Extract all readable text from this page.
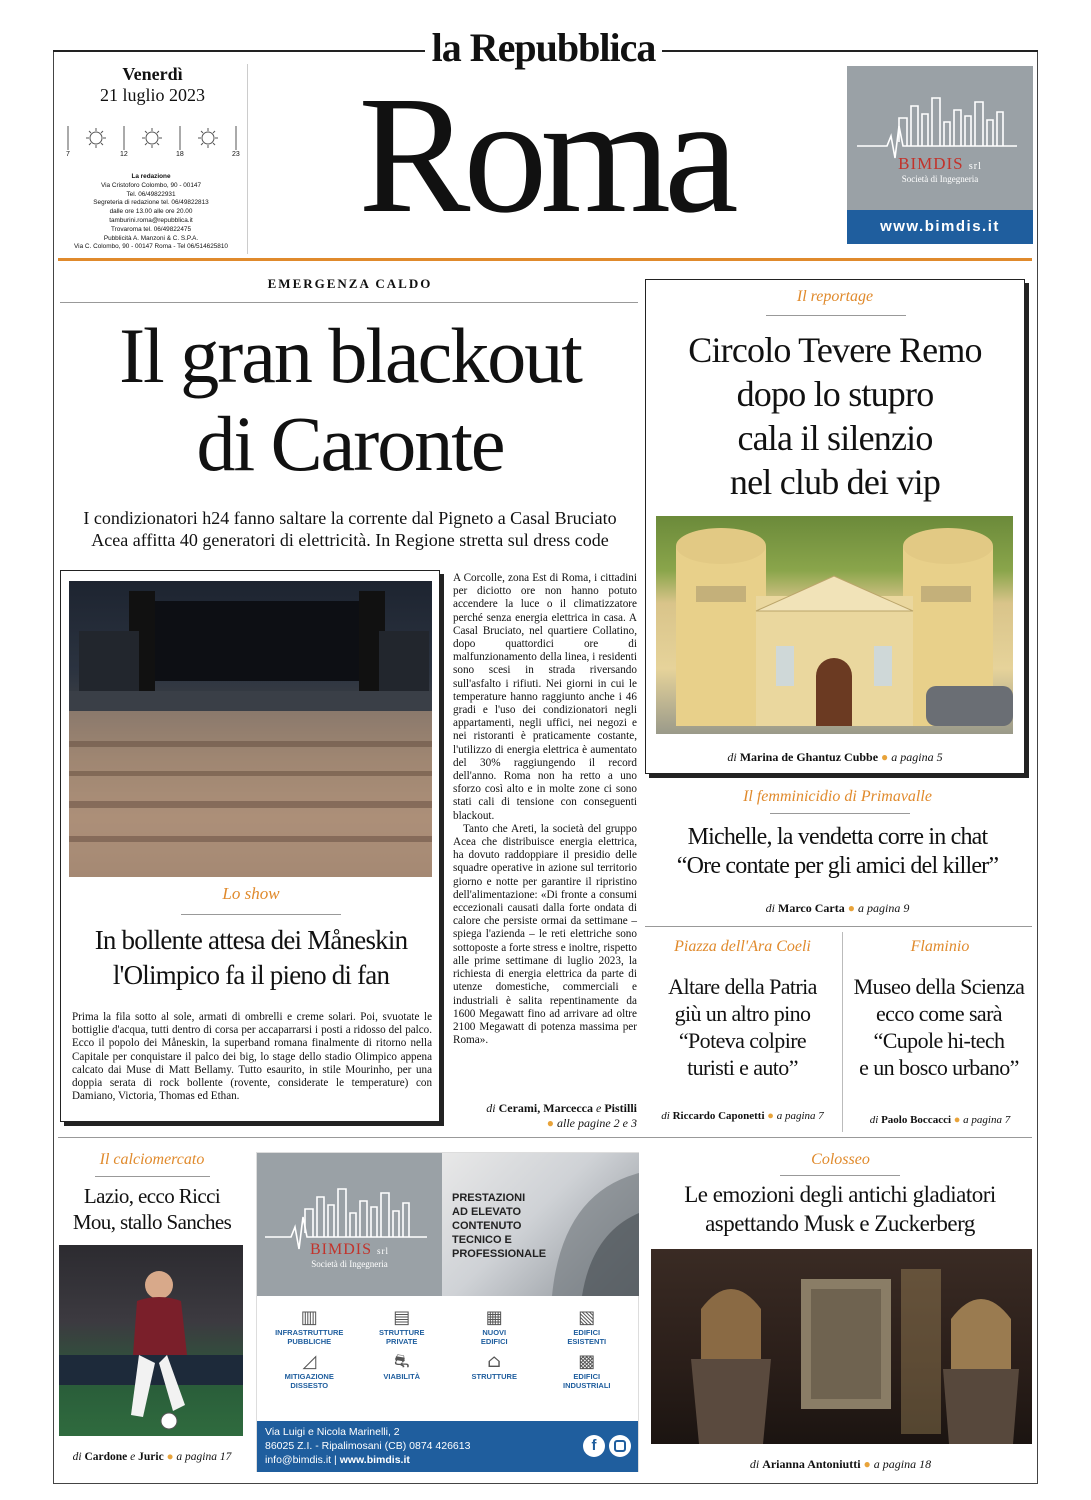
la Repubblica
Venerdì
21 luglio 2023
7	12	18	23
La redazione
Via Cristoforo Colombo, 90 - 00147
Tel. 06/49822931
Segreteria di redazione tel. 06/49822813
dalle ore 13.00 alle ore 20.00
tamburini.roma@repubblica.it
Trovaroma tel. 06/49822475
Pubblicità A. Manzoni & C. S.P.A.
Via C. Colombo, 90 - 00147 Roma - Tel 06/514625810 Roma	BIMDIS srl
Società di Ingegneria
www.bimdis.it
EMERGENZA CALDO
Il gran blackout
di Caronte
I condizionatori h24 fanno saltare la corrente dal Pigneto a Casal Bruciato
Acea affitta 40 generatori di elettricità. In Regione stretta sul dress code
Lo show
In bollente attesa dei Måneskin
l'Olimpico fa il pieno di fan
Prima la fila sotto al sole, armati di ombrelli e creme solari. Poi, svuotate le bottiglie d'acqua, tutti dentro di corsa per accaparrarsi i posti a ridosso del palco. Ecco il popolo dei Måneskin, la superband romana finalmente di ritorno nella Capitale per conquistare il palco dei big, lo stage dello stadio Olimpico appena calcato dai Muse di Matt Bellamy. Tutto esaurito, in stile Mourinho, per una doppia serata di rock bollente (rovente, considerate le temperature) con Damiano, Victoria, Thomas ed Ethan.

A Corcolle, zona Est di Roma, i cittadini per diciotto ore non hanno potuto accendere la luce o il climatizzatore perché senza energia elettrica in casa. A Casal Bruciato, nel quartiere Collatino, dopo quattordici ore di malfunzionamento della linea, i residenti sono scesi in strada riversando sull'asfalto i rifiuti. Nei giorni in cui le temperature hanno raggiunto anche i 46 gradi e l'uso dei condizionatori negli appartamenti, negli uffici, nei negozi e nei ristoranti è praticamente costante, l'utilizzo di energia elettrica è aumentato del 30% raggiungendo il record dell'anno. Roma non ha retto a uno sforzo così alto e in molte zone ci sono stati cali di tensione con conseguenti blackout.

Tanto che Areti, la società del gruppo Acea che distribuisce energia elettrica, ha dovuto raddoppiare il presidio delle squadre operative in azione sul territorio giorno e notte per garantire il ripristino dell'alimentazione: «Di fronte a consumi eccezionali causati dalla forte ondata di calore che persiste ormai da settimane – spiega l'azienda – le reti elettriche sono sottoposte a forte stress e inoltre, rispetto alle prime settimane di luglio 2023, la richiesta di energia elettrica da parte di utenze domestiche, commerciali e industriali è salita repentinamente da 1600 Megawatt fino ad arrivare ad oltre 2100 Megawatt di potenza massima per Roma».

di Cerami, Marcecca e Pistilli
● alle pagine 2 e 3
Il reportage
Circolo Tevere Remo
dopo lo stupro
cala il silenzio
nel club dei vip
di Marina de Ghantuz Cubbe ● a pagina 5
Il femminicidio di Primavalle
Michelle, la vendetta corre in chat
“Ore contate per gli amici del killer”
di Marco Carta ● a pagina 9
Piazza dell'Ara Coeli
Altare della Patria
giù un altro pino
“Poteva colpire
turisti e auto”
di Riccardo Caponetti ● a pagina 7
Flaminio
Museo della Scienza
ecco come sarà
“Cupole hi-tech
e un bosco urbano”
di Paolo Boccacci ● a pagina 7
Il calciomercato
Lazio, ecco Ricci
Mou, stallo Sanches
di Cardone e Juric ● a pagina 17
BIMDIS srl
Società di Ingegneria
PRESTAZIONI
AD ELEVATO
CONTENUTO
TECNICO E
PROFESSIONALE
▥
INFRASTRUTTURE PUBBLICHE
▤
STRUTTURE PRIVATE
▦
NUOVI EDIFICI
▧
EDIFICI ESISTENTI
◿
MITIGAZIONE DISSESTO
⛐
VIABILITÀ
⌂
STRUTTURE
▩
EDIFICI INDUSTRIALI
Via Luigi e Nicola Marinelli, 2
86025 Z.I. - Ripalimosani (CB) 0874 426613
info@bimdis.it | www.bimdis.it
f
Colosseo
Le emozioni degli antichi gladiatori
aspettando Musk e Zuckerberg
di Arianna Antoniutti ● a pagina 18
